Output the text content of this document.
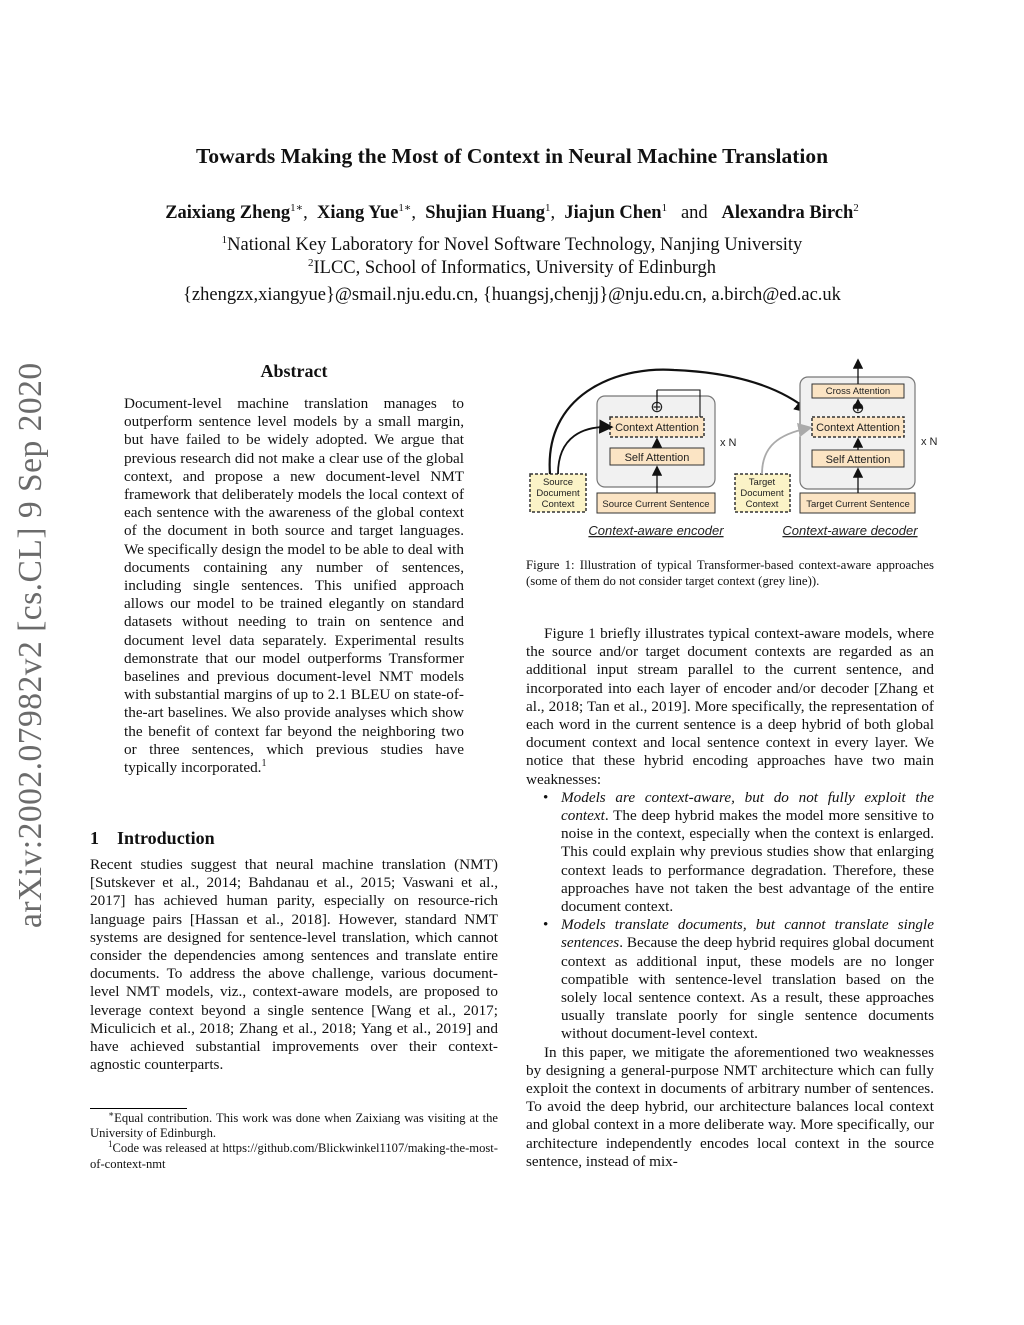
arXiv:2002.07982v2 [cs.CL] 9 Sep 2020
Towards Making the Most of Context in Neural Machine Translation
Zaixiang Zheng$^{1∗}$, Xiang Yue$^{1∗}$, Shujian Huang$^1$, Jiajun Chen$^1$ and Alexandra Birch$^2$
$^1$National Key Laboratory for Novel Software Technology, Nanjing University
$^2$ILCC, School of Informatics, University of Edinburgh
{zhengzx,xiangyue}@smail.nju.edu.cn, {huangsj,chenjj}@nju.edu.cn, a.birch@ed.ac.uk
Abstract
Document-level machine translation manages to outperform sentence level models by a small margin, but have failed to be widely adopted. We argue that previous research did not make a clear use of the global context, and propose a new document-level NMT framework that deliberately models the local context of each sentence with the awareness of the global context of the document in both source and target languages. We specifically design the model to be able to deal with documents containing any number of sentences, including single sentences. This unified approach allows our model to be trained elegantly on standard datasets without needing to train on sentence and document level data separately. Experimental results demonstrate that our model outperforms Transformer baselines and previous document-level NMT models with substantial margins of up to 2.1 BLEU on state-of-the-art baselines. We also provide analyses which show the benefit of context far beyond the neighboring two or three sentences, which previous studies have typically incorporated.$^1$
1 Introduction

Recent studies suggest that neural machine translation (NMT) [Sutskever et al., 2014; Bahdanau et al., 2015; Vaswani et al., 2017] has achieved human parity, especially on resource-rich language pairs [Hassan et al., 2018]. However, standard NMT systems are designed for sentence-level translation, which cannot consider the dependencies among sentences and translate entire documents. To address the above challenge, various document-level NMT models, viz., context-aware models, are proposed to leverage context beyond a single sentence [Wang et al., 2017; Miculicich et al., 2018; Zhang et al., 2018; Yang et al., 2019] and have achieved substantial improvements over their context-agnostic counterparts.

∗Equal contribution. This work was done when Zaixiang was visiting at the University of Edinburgh.
$^1$Code was released at https://github.com/Blickwinkel1107/making-the-most-of-context-nmt
Context Attention
Self Attention
⊕
Source Current Sentence
Source
Document
Context
x N
Context-aware encoder
Cross Attention
⊕
Context Attention
Self Attention
Target Current Sentence
Target
Document
Context
x N
Context-aware decoder
Figure 1: Illustration of typical Transformer-based context-aware approaches (some of them do not consider target context (grey line)).

Figure 1 briefly illustrates typical context-aware models, where the source and/or target document contexts are regarded as an additional input stream parallel to the current sentence, and incorporated into each layer of encoder and/or decoder [Zhang et al., 2018; Tan et al., 2019]. More specifically, the representation of each word in the current sentence is a deep hybrid of both global document context and local sentence context in every layer. We notice that these hybrid encoding approaches have two main weaknesses:

• Models are context-aware, but do not fully exploit the context. The deep hybrid makes the model more sensitive to noise in the context, especially when the context is enlarged. This could explain why previous studies show that enlarging context leads to performance degradation. Therefore, these approaches have not taken the best advantage of the entire document context.
• Models translate documents, but cannot translate single sentences. Because the deep hybrid requires global document context as additional input, these models are no longer compatible with sentence-level translation based on the solely local sentence context. As a result, these approaches usually translate poorly for single sentence documents without document-level context.

In this paper, we mitigate the aforementioned two weaknesses by designing a general-purpose NMT architecture which can fully exploit the context in documents of arbitrary number of sentences. To avoid the deep hybrid, our architecture balances local context and global context in a more deliberate way. More specifically, our architecture independently encodes local context in the source sentence, instead of mix-
